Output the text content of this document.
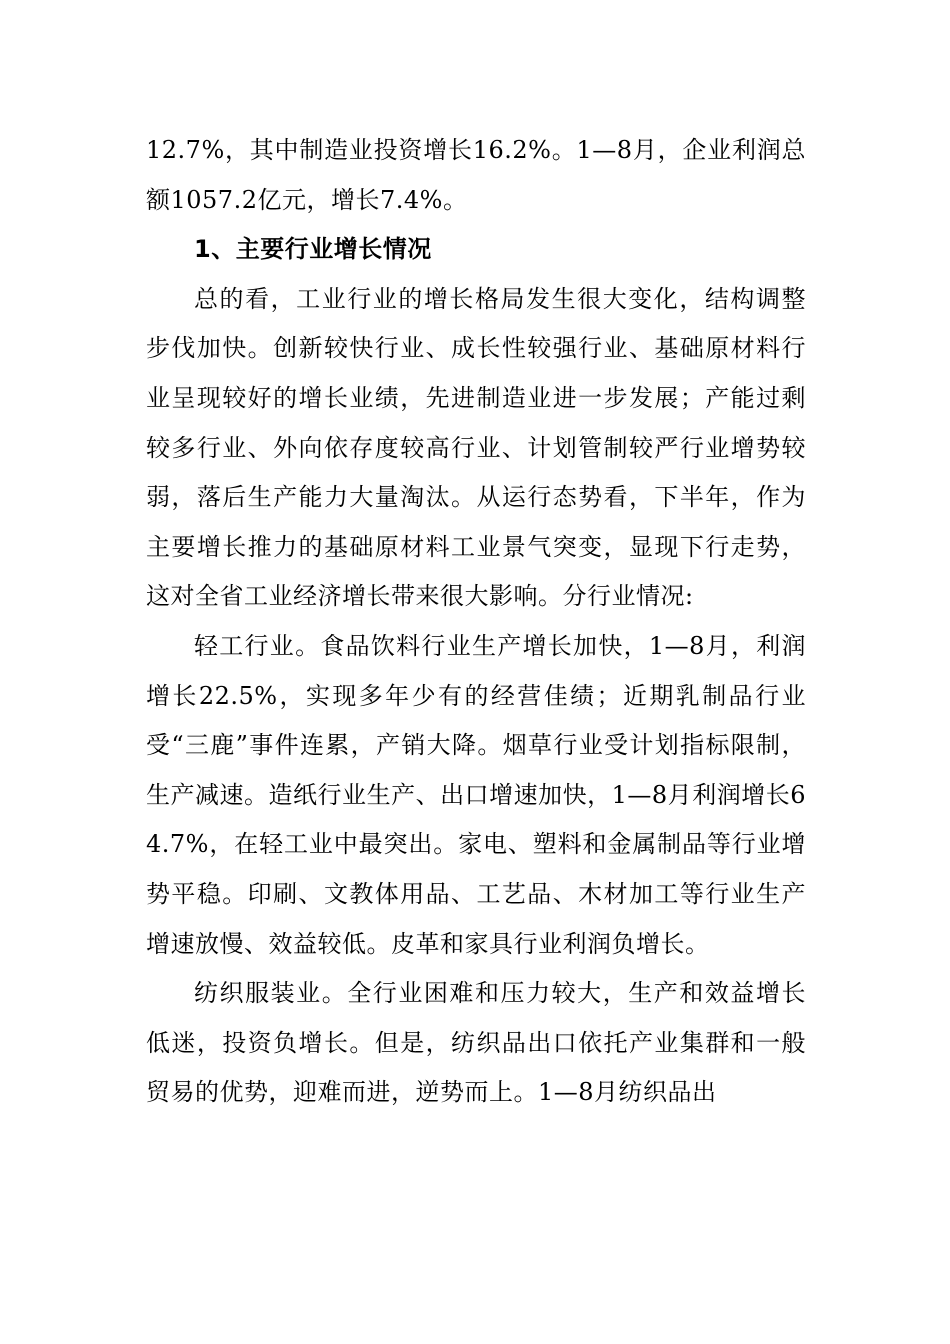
12.7%，其中制造业投资增长16.2%。1—8月，企业利润总额1057.2亿元，增长7.4%。

1、主要行业增长情况

总的看，工业行业的增长格局发生很大变化，结构调整步伐加快。创新较快行业、成长性较强行业、基础原材料行业呈现较好的增长业绩，先进制造业进一步发展；产能过剩较多行业、外向依存度较高行业、计划管制较严行业增势较弱，落后生产能力大量淘汰。从运行态势看，下半年，作为主要增长推力的基础原材料工业景气突变，显现下行走势，这对全省工业经济增长带来很大影响。分行业情况:

轻工行业。食品饮料行业生产增长加快，1—8月，利润增长22.5%，实现多年少有的经营佳绩；近期乳制品行业受“三鹿”事件连累，产销大降。烟草行业受计划指标限制，生产减速。造纸行业生产、出口增速加快，1—8月利润增长64.7%，在轻工业中最突出。家电、塑料和金属制品等行业增势平稳。印刷、文教体用品、工艺品、木材加工等行业生产增速放慢、效益较低。皮革和家具行业利润负增长。

纺织服装业。全行业困难和压力较大，生产和效益增长低迷，投资负增长。但是，纺织品出口依托产业集群和一般贸易的优势，迎难而进，逆势而上。1—8月纺织品出
